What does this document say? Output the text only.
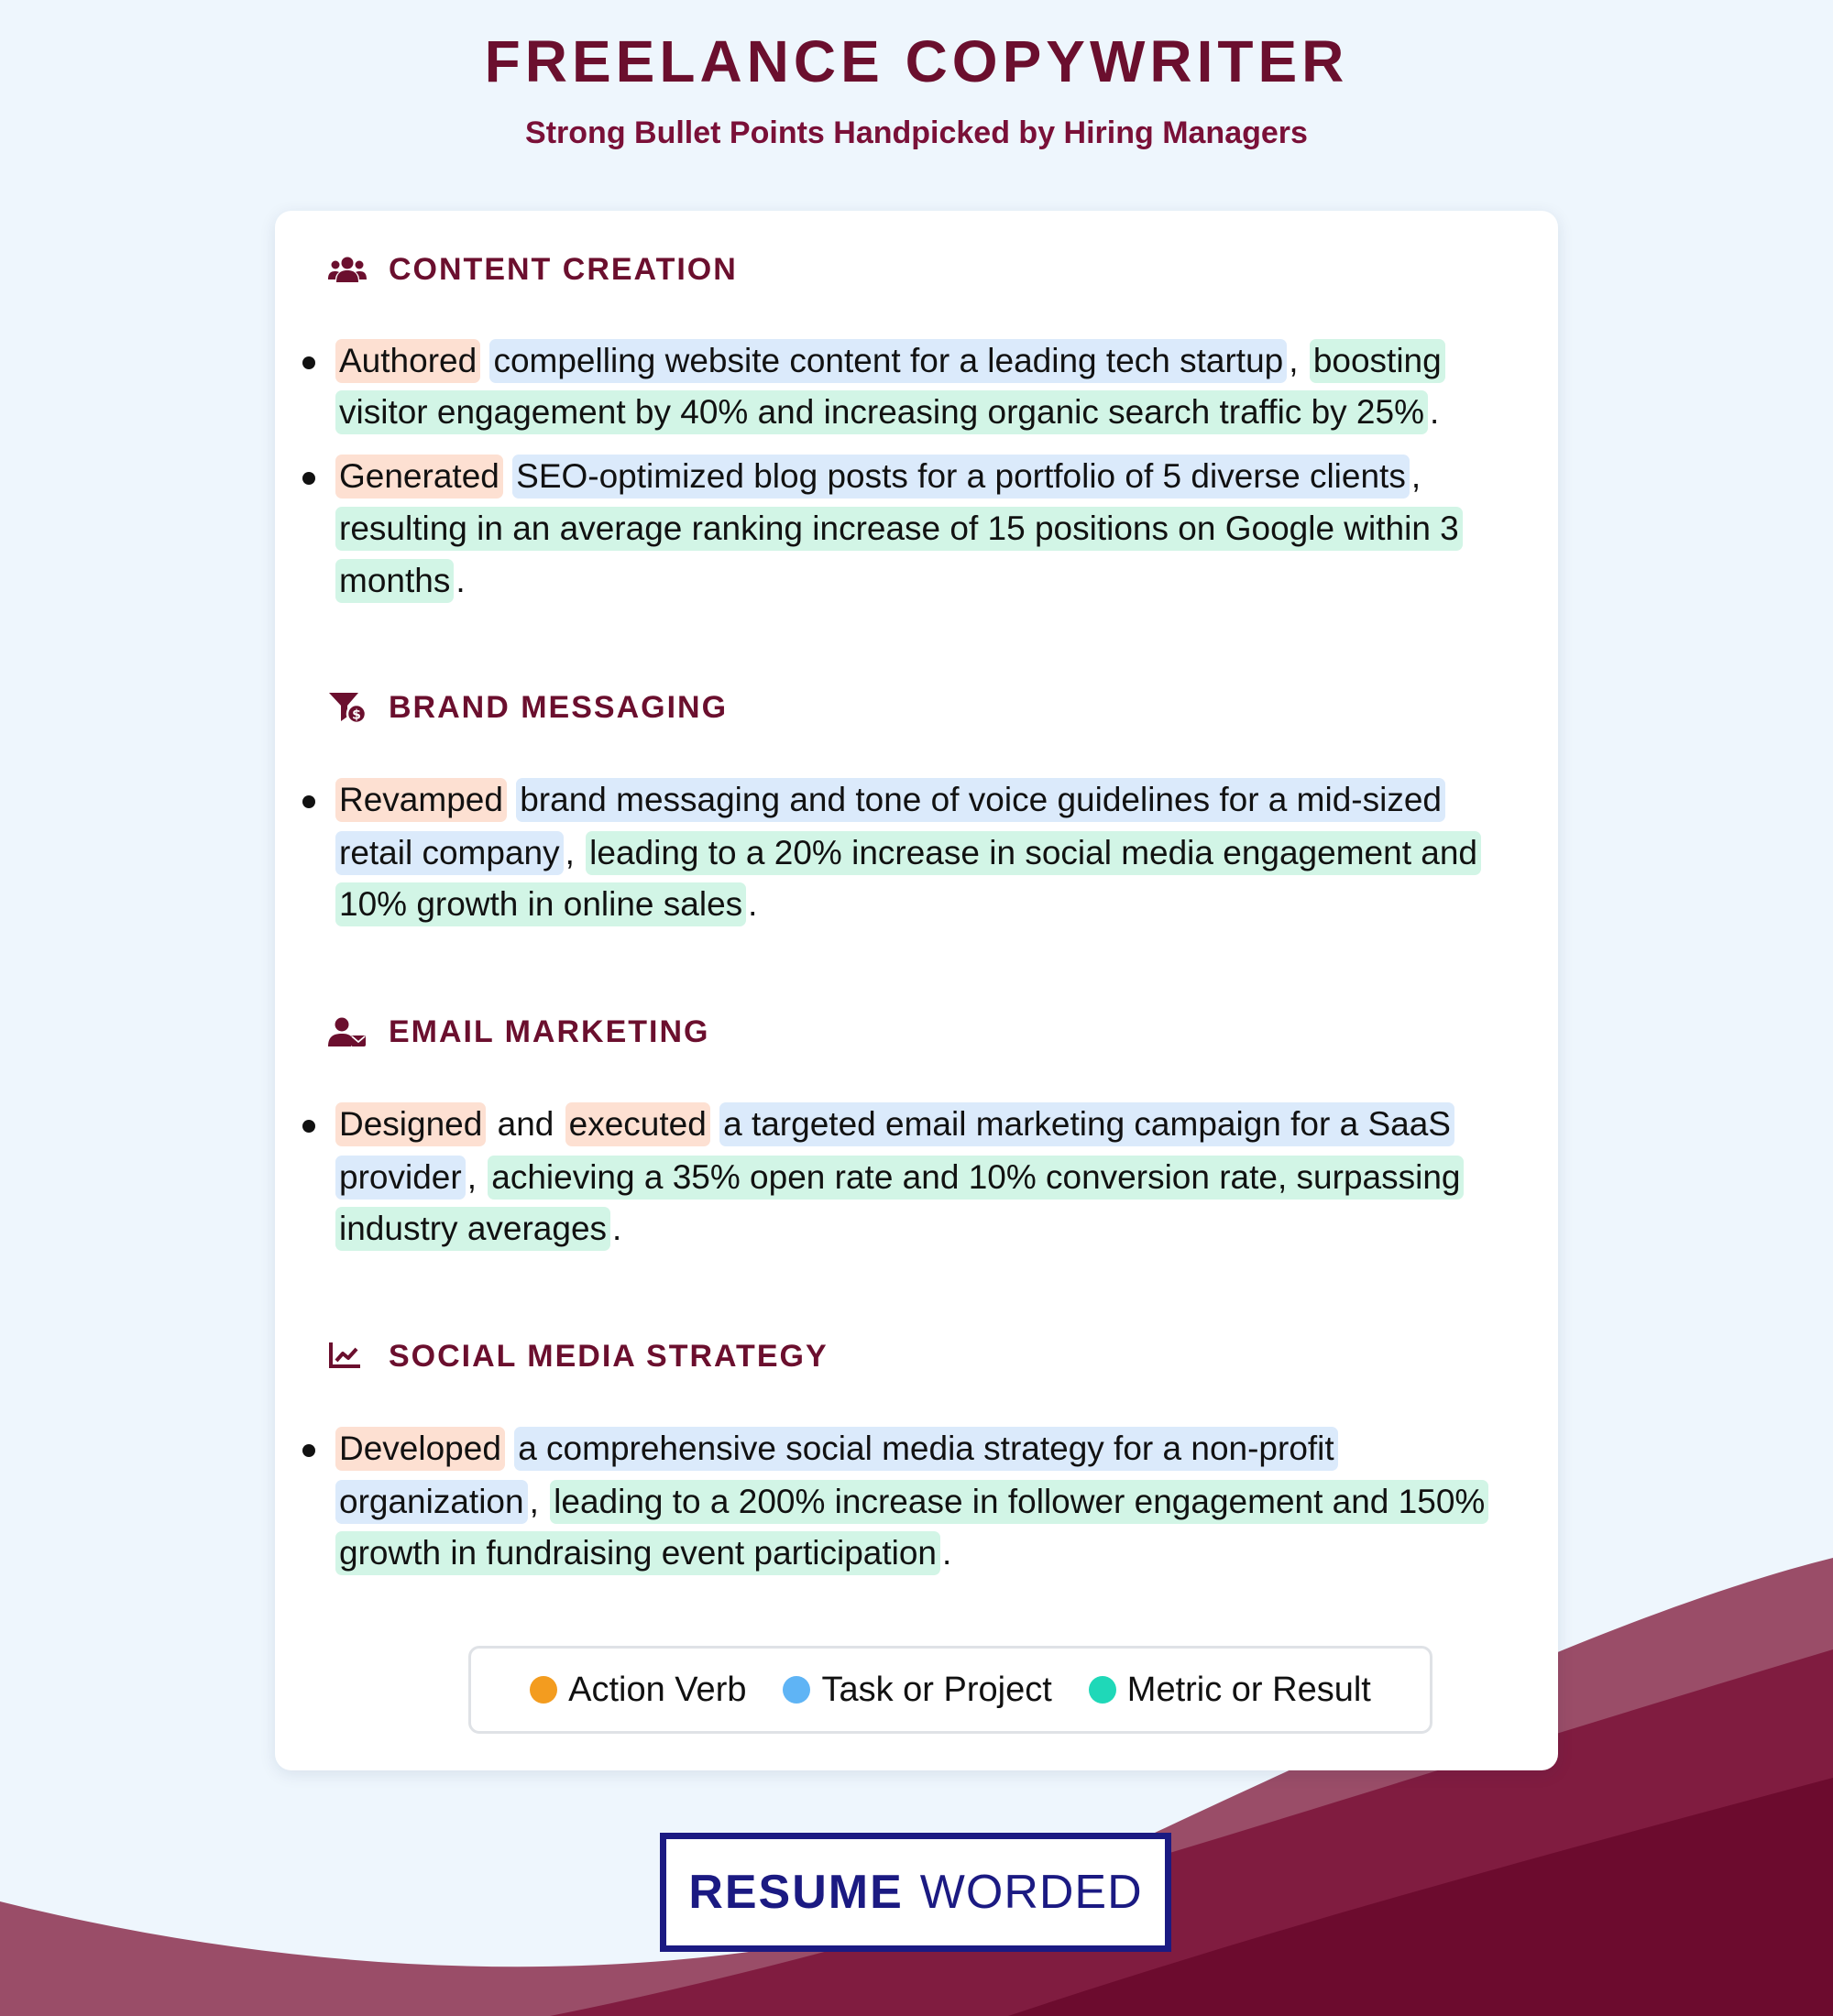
FREELANCE COPYWRITER
Strong Bullet Points Handpicked by Hiring Managers
CONTENT CREATION
Authored compelling website content for a leading tech startup , boosting
visitor engagement by 40% and increasing organic search traffic by 25% .
Generated SEO-optimized blog posts for a portfolio of 5 diverse clients ,
resulting in an average ranking increase of 15 positions on Google within 3
months .
$ BRAND MESSAGING
Revamped brand messaging and tone of voice guidelines for a mid-sized
retail company , leading to a 20% increase in social media engagement and
10% growth in online sales .
EMAIL MARKETING
Designed and executed a targeted email marketing campaign for a SaaS
provider , achieving a 35% open rate and 10% conversion rate, surpassing
industry averages .
SOCIAL MEDIA STRATEGY
Developed a comprehensive social media strategy for a non-profit
organization , leading to a 200% increase in follower engagement and 150%
growth in fundraising event participation .
Action Verb Task or Project Metric or Result
RESUME WORDED
